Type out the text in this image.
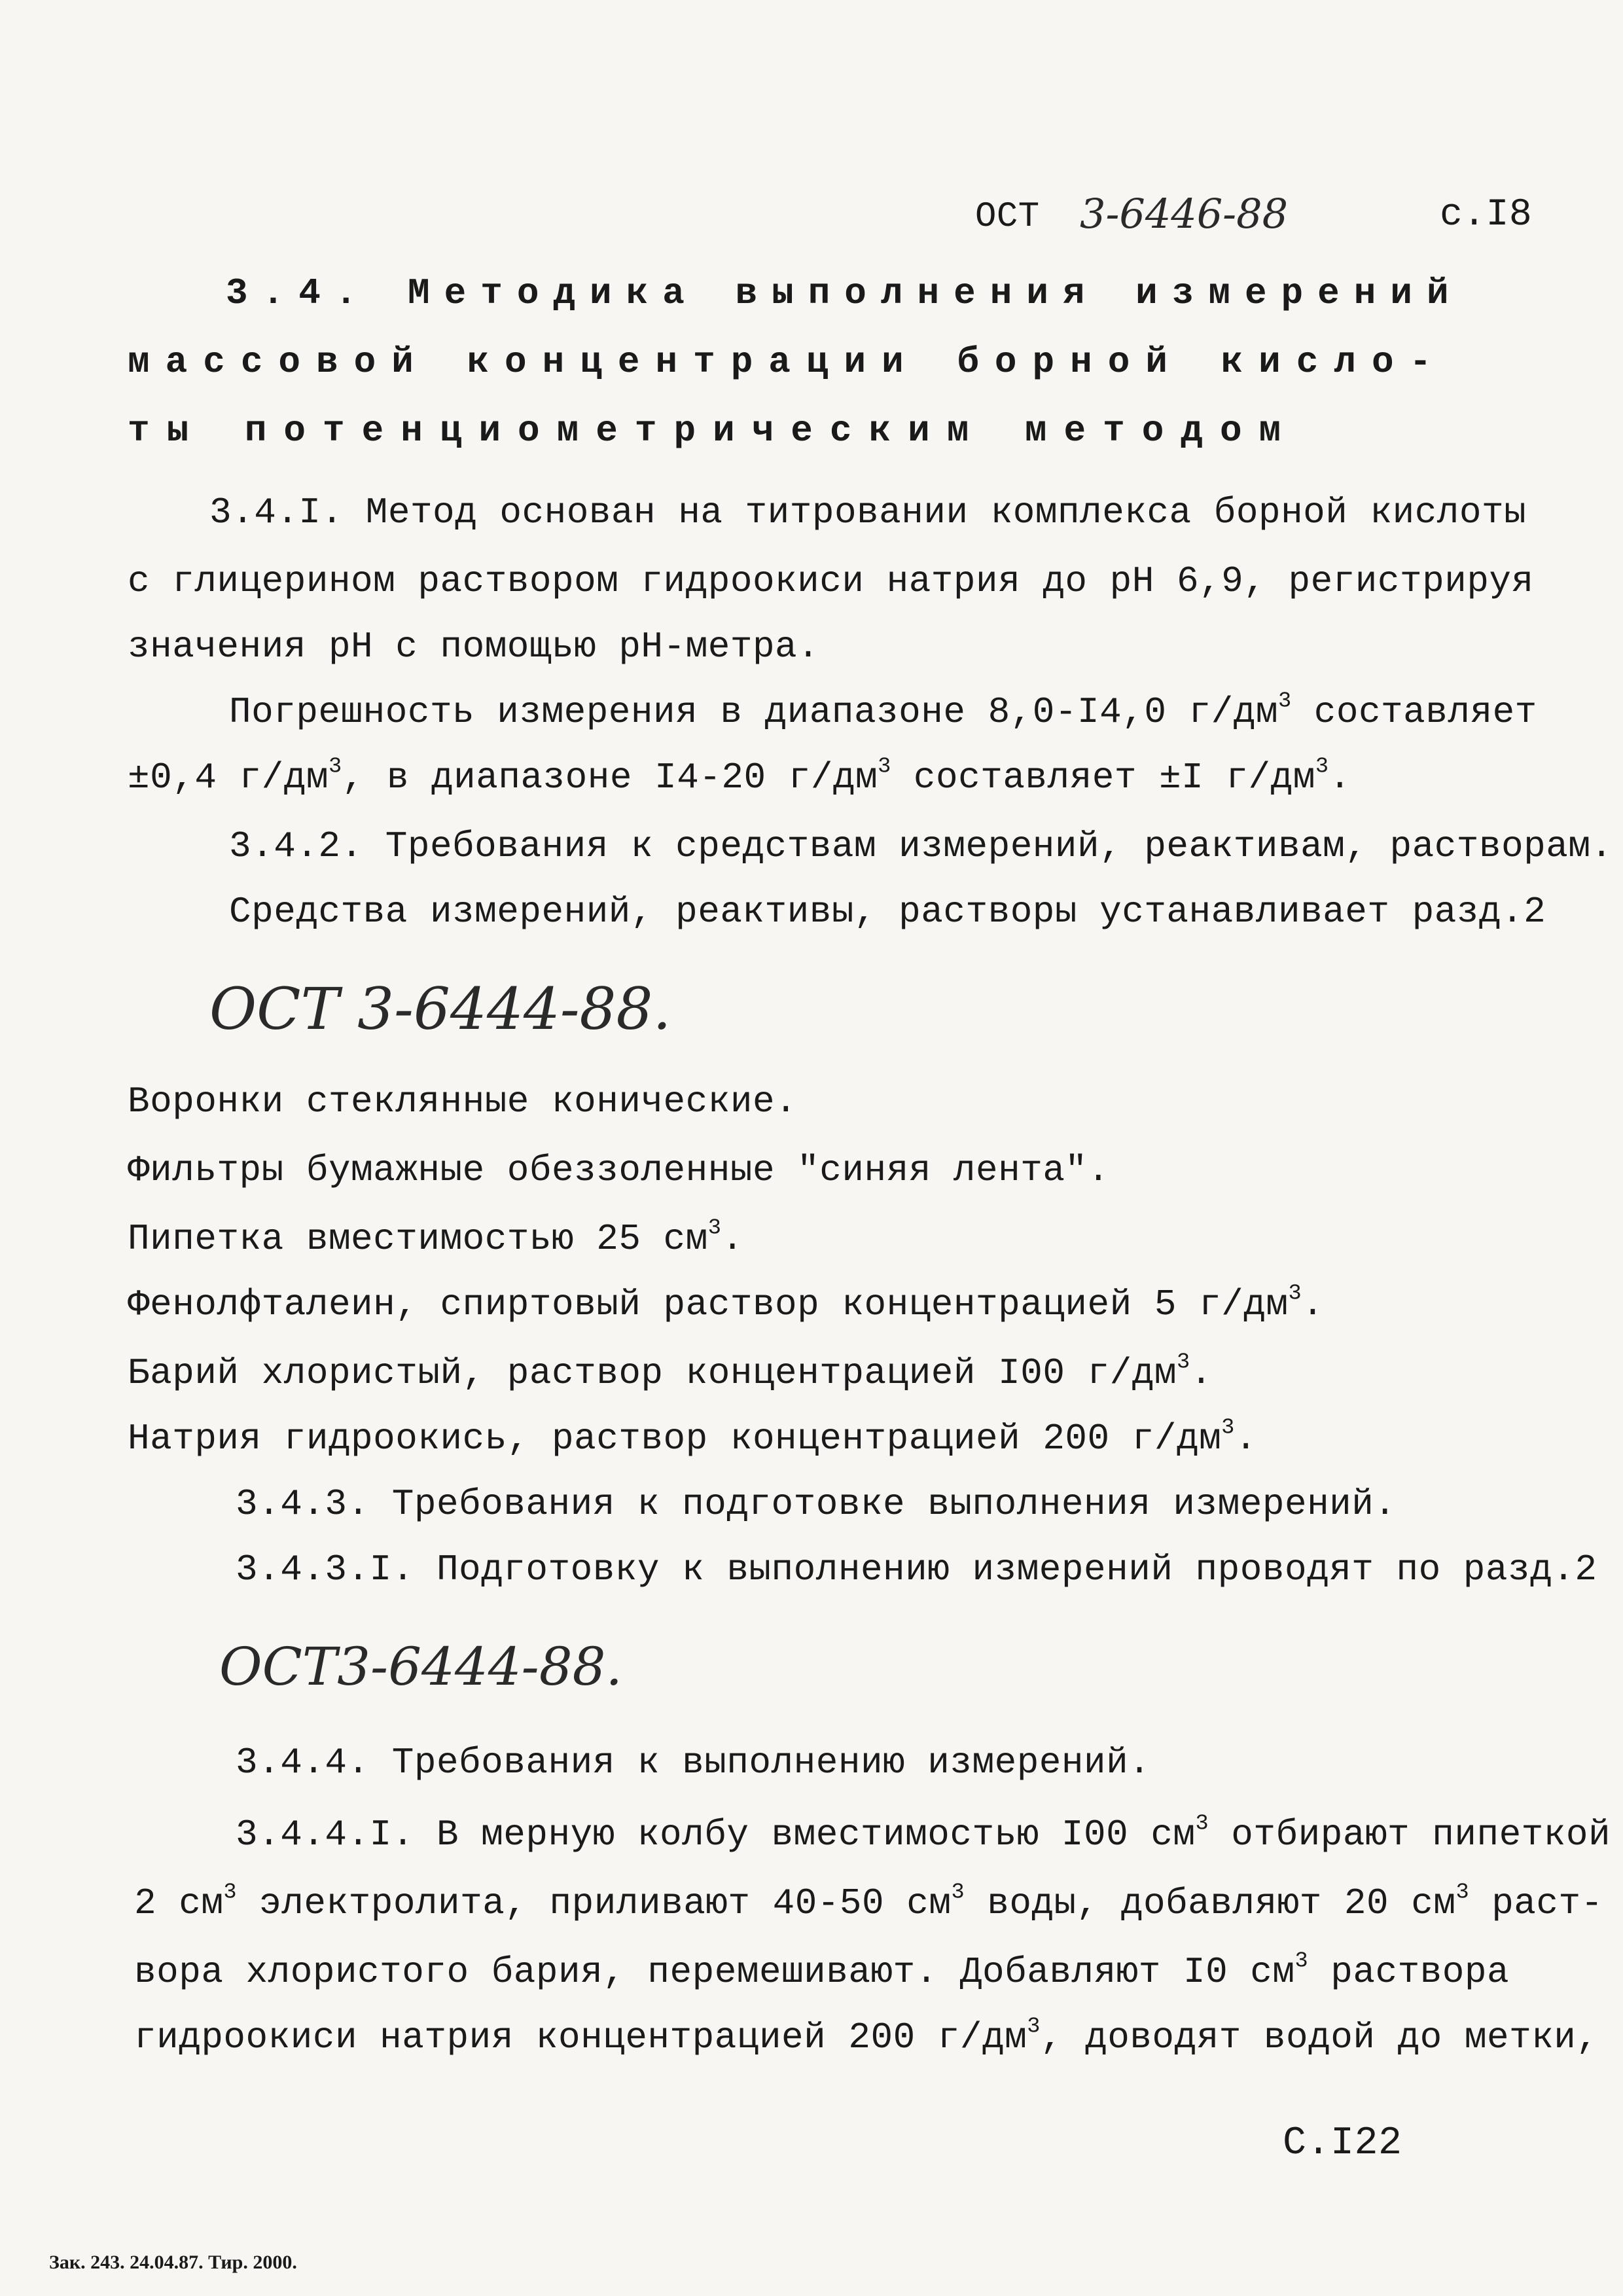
ОСТ 3-6446-88	с.I8
3.4. Методика выполнения измерений
массовой концентрации борной кисло-
ты потенциометрическим методом
3.4.I. Метод основан на титровании комплекса борной кислоты
с глицерином раствором гидроокиси натрия до pH 6,9, регистрируя
значения pH с помощью pH-метра.
Погрешность измерения в диапазоне 8,0-I4,0 $г/дм^3$ составляет
±0,4 $г/дм^3$, в диапазоне I4-20 $г/дм^3$ составляет ±I $г/дм^3$.
3.4.2. Требования к средствам измерений, реактивам, растворам.
Средства измерений, реактивы, растворы устанавливает разд.2
ОСТ 3-6444-88.
Воронки стеклянные конические.
Фильтры бумажные обеззоленные "синяя лента".
Пипетка вместимостью 25 $см^3$.
Фенолфталеин, спиртовый раствор концентрацией 5 $г/дм^3$.
Барий хлористый, раствор концентрацией I00 $г/дм^3$.
Натрия гидроокись, раствор концентрацией 200 $г/дм^3$.
3.4.3. Требования к подготовке выполнения измерений.
3.4.3.I. Подготовку к выполнению измерений проводят по разд.2
ОСТ3-6444-88.
3.4.4. Требования к выполнению измерений.
3.4.4.I. В мерную колбу вместимостью I00 $см^3$ отбирают пипеткой
2 $см^3$ электролита, приливают 40-50 $см^3$ воды, добавляют 20 $см^3$ раст-
вора хлористого бария, перемешивают. Добавляют I0 $см^3$ раствора
гидроокиси натрия концентрацией 200 $г/дм^3$, доводят водой до метки,
С.I22
Зак. 243. 24.04.87. Тир. 2000.
